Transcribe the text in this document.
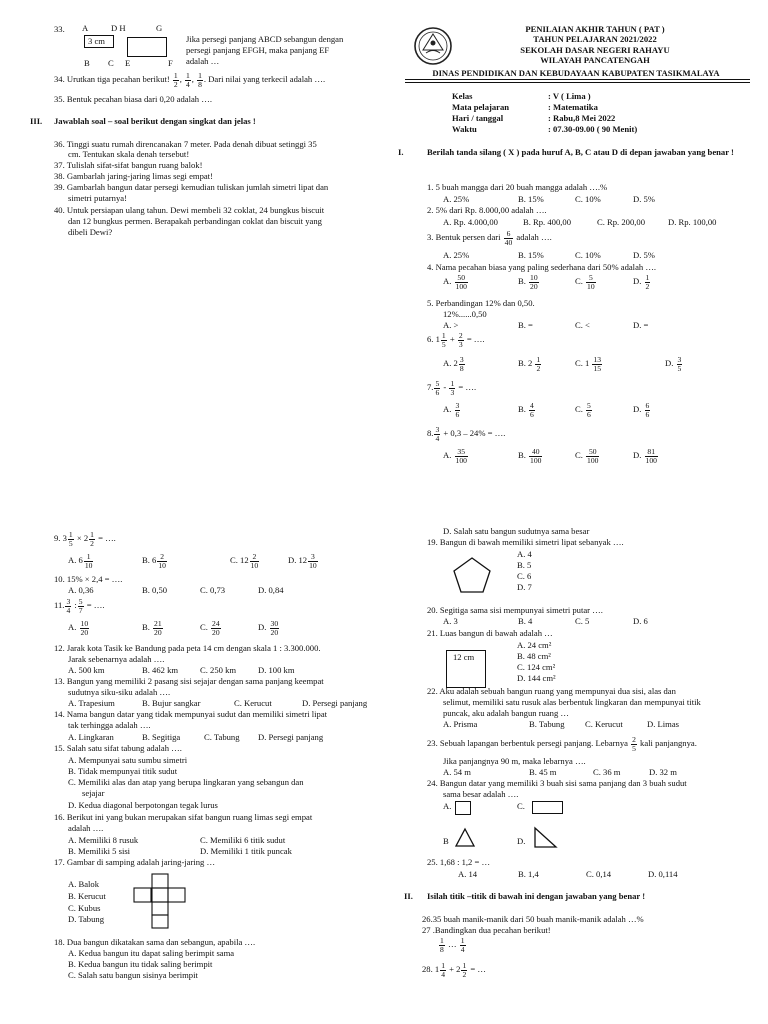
33. A	D H	G
3 cm
B C E	F
Jika persegi panjang ABCD sebangun dengan
persegi panjang EFGH, maka panjang EF
adalah …
34. Urutkan tiga pecahan berikut! $\frac{1}{2}$ , $\frac{1}{4}$ , $\frac{1}{8}$ . Dari nilai yang terkecil adalah ….
35. Bentuk pecahan biasa dari 0,20 adalah ….
III. Jawablah soal – soal berikut dengan singkat dan jelas !
36. Tinggi suatu rumah direncanakan 7 meter. Pada denah dibuat setinggi 35
cm. Tentukan skala denah tersebut!
37. Tulislah sifat-sifat bangun ruang balok!
38. Gambarlah jaring-jaring limas segi empat!
39. Gambarlah bangun datar persegi kemudian tuliskan jumlah simetri lipat dan
simetri putarnya!
40. Untuk persiapan ulang tahun. Dewi membeli 32 coklat, 24 bungkus biscuit
dan 12 bungkus permen. Berapakah perbandingan coklat dan biscuit yang
dibeli Dewi?
PENILAIAN AKHIR TAHUN ( PAT )
TAHUN PELAJARAN 2021/2022
SEKOLAH DASAR NEGERI RAHAYU
WILAYAH PANCATENGAH
DINAS PENDIDIKAN DAN KEBUDAYAAN KABUPATEN TASIKMALAYA
Kelas	: V ( Lima )
Mata pelajaran	: Matematika
Hari / tanggal	: Rabu,8 Mei 2022
Waktu	: 07.30-09.00 ( 90 Menit)
I.	Berilah tanda silang ( X ) pada huruf A, B, C atau D di depan jawaban yang benar !
1. 5 buah mangga dari 20 buah mangga adalah ….%
A. 25%	B. 15%	C. 10%	D. 5%
2. 5% dari Rp. 8.000,00 adalah ….
A. Rp. 4.000,00	B. Rp. 400,00	C. Rp. 200,00	D. Rp. 100,00
3. Bentuk persen dari $\frac{6}{40}$ adalah ….
A. 25%	B. 15%	C. 10%	D. 5%
4. Nama pecahan biasa yang paling sederhana dari 50% adalah ….
A. $\frac{50}{100}$	B. $\frac{10}{20}$	C. $\frac{5}{10}$	D. $\frac{1}{2}$
5. Perbandingan 12% dan 0,50.
12%......0,50
A. >	B. =	C. <	D. =
6. $1 \frac{1}{5} + \frac{2}{3}$ = ….
A. $2 \frac{3}{8}$	B. $2 \frac{1}{2}$	C. $1 \frac{13}{15}$	D. $\frac{3}{5}$
7. $\frac{5}{6} - \frac{1}{3}$ = ….
A. $\frac{3}{6}$	B. $\frac{4}{6}$	C. $\frac{5}{6}$	D. $\frac{6}{6}$
8. $\frac{3}{4} + 0,3 - 24\%$ = ….
A. $\frac{35}{100}$	B. $\frac{40}{100}$	C. $\frac{50}{100}$	D. $\frac{81}{100}$
9. $3 \frac{1}{5} \times 2 \frac{1}{2}$ = ….
A. $6 \frac{1}{10}$	B. $6 \frac{2}{10}$	C. $12 \frac{2}{10}$	D. $12 \frac{3}{10}$
10. 15% × 2,4 = ….
A. 0,36	B. 0,50	C. 0,73	D. 0,84
11. $\frac{3}{4}$ : $\frac{5}{7}$ = ….
A. $\frac{10}{20}$	B. $\frac{21}{20}$	C. $\frac{24}{20}$	D. $\frac{30}{20}$
12. Jarak kota Tasik ke Bandung pada peta 14 cm dengan skala 1 : 3.300.000.
Jarak sebenarnya adalah ….
A. 500 km	B. 462 km	C. 250 km	D. 100 km
13. Bangun yang memiliki 2 pasang sisi sejajar dengan sama panjang keempat
sudutnya siku-siku adalah ….
A. Trapesium	B. Bujur sangkar	C. Kerucut	D. Persegi panjang
14. Nama bangun datar yang tidak mempunyai sudut dan memiliki simetri lipat
tak terhingga adalah ….
A. Lingkaran	B. Segitiga	C. Tabung D. Persegi panjang
15. Salah satu sifat tabung adalah ….
A. Mempunyai satu sumbu simetri
B. Tidak mempunyai titik sudut
C. Memiliki alas dan atap yang berupa lingkaran yang sebangun dan
sejajar
D. Kedua diagonal berpotongan tegak lurus
16. Berikut ini yang bukan merupakan sifat bangun ruang limas segi empat
adalah ….
A. Memiliki 8 rusuk	C. Memiliki 6 titik sudut
B. Memiliki 5 sisi	D. Memiliki 1 titik puncak
17. Gambar di samping adalah jaring-jaring …
A. Balok
B. Kerucut
C. Kubus
D. Tabung
18. Dua bangun dikatakan sama dan sebangun, apabila ….
A. Kedua bangun itu dapat saling berimpit sama
B. Kedua bangun itu tidak saling berimpit
C. Salah satu bangun sisinya berimpit
D. Salah satu bangun sudutnya sama besar
19. Bangun di bawah memiliki simetri lipat sebanyak ….
A. 4
B. 5
C. 6
D. 7
20. Segitiga sama sisi mempunyai simetri putar ….
A. 3	B. 4	C. 5	D. 6
21. Luas bangun di bawah adalah …
12 cm
A. 24 cm²
B. 48 cm²
C. 124 cm²
D. 144 cm²
22. Aku adalah sebuah bangun ruang yang mempunyai dua sisi, alas dan
selimut, memiliki satu rusuk alas berbentuk lingkaran dan mempunyai titik
puncak, aku adalah bangun ruang …
A. Prisma	B. Tabung C. Kerucut	D. Limas
23. Sebuah lapangan berbentuk persegi panjang. Lebarnya $\frac{2}{5}$ kali panjangnya.
Jika panjangnya 90 m, maka lebarnya ….
A. 54 m	B. 45 m	C. 36 m	D. 32 m
24. Bangun datar yang memiliki 3 buah sisi sama panjang dan 3 buah sudut
sama besar adalah ….
A.	C.
B	D.
25. 1,68 : 1,2 = …
A. 14	B. 1,4	C. 0,14	D. 0,114
II. Isilah titik –titik di bawah ini dengan jawaban yang benar !
26.35 buah manik-manik dari 50 buah manik-manik adalah …%
27 .Bandingkan dua pecahan berikut!
$\frac{1}{8}$ … $\frac{1}{4}$
28. $1 \frac{1}{4} + 2 \frac{1}{2}$ = …
